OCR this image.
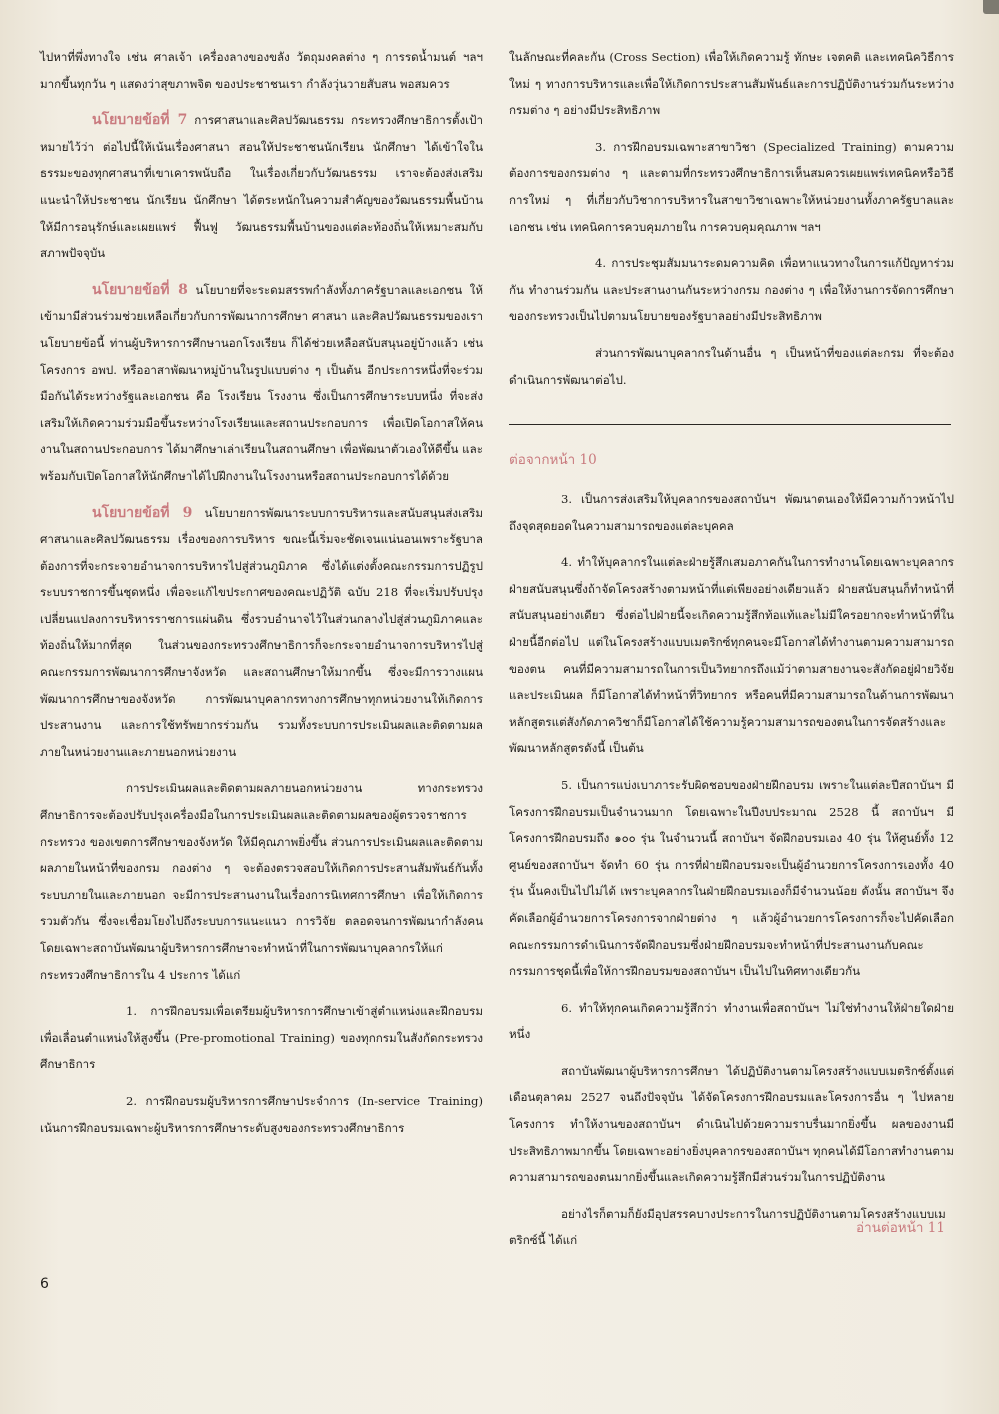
ไปหาที่พึ่งทางใจ เช่น ศาลเจ้า เครื่องลางของขลัง วัตถุมงคลต่าง ๆ การรดน้ำมนต์ ฯลฯ มากขึ้นทุกวัน ๆ แสดงว่าสุขภาพจิต ของประชาชนเรา กำลังวุ่นวายสับสน พอสมควร

นโยบายข้อที่ 7 การศาสนาและศิลปวัฒนธรรม กระทรวงศึกษาธิการตั้งเป้าหมายไว้ว่า ต่อไปนี้ให้เน้นเรื่องศาสนา สอนให้ประชาชนนักเรียน นักศึกษา ได้เข้าใจในธรรมะของทุกศาสนาที่เขาเคารพนับถือ ในเรื่องเกี่ยวกับวัฒนธรรม เราจะต้องส่งเสริมแนะนำให้ประชาชน นักเรียน นักศึกษา ได้ตระหนักในความสำคัญของวัฒนธรรมพื้นบ้าน ให้มีการอนุรักษ์และเผยแพร่ ฟื้นฟู วัฒนธรรมพื้นบ้านของแต่ละท้องถิ่นให้เหมาะสมกับสภาพปัจจุบัน

นโยบายข้อที่ 8 นโยบายที่จะระดมสรรพกำลังทั้งภาครัฐบาลและเอกชน ให้เข้ามามีส่วนร่วมช่วยเหลือเกี่ยวกับการพัฒนาการศึกษา ศาสนา และศิลปวัฒนธรรมของเรา นโยบายข้อนี้ ท่านผู้บริหารการศึกษานอกโรงเรียน ก็ได้ช่วยเหลือสนับสนุนอยู่บ้างแล้ว เช่น โครงการ อพป. หรืออาสาพัฒนาหมู่บ้านในรูปแบบต่าง ๆ เป็นต้น อีกประการหนึ่งที่จะร่วมมือกันได้ระหว่างรัฐและเอกชน คือ โรงเรียน โรงงาน ซึ่งเป็นการศึกษาระบบหนึ่ง ที่จะส่งเสริมให้เกิดความร่วมมือขึ้นระหว่างโรงเรียนและสถานประกอบการ เพื่อเปิดโอกาสให้คนงานในสถานประกอบการ ได้มาศึกษาเล่าเรียนในสถานศึกษา เพื่อพัฒนาตัวเองให้ดีขึ้น และพร้อมกับเปิดโอกาสให้นักศึกษาได้ไปฝึกงานในโรงงานหรือสถานประกอบการได้ด้วย

นโยบายข้อที่ 9 นโยบายการพัฒนาระบบการบริหารและสนับสนุนส่งเสริมศาสนาและศิลปวัฒนธรรม เรื่องของการบริหาร ขณะนี้เริ่มจะชัดเจนแน่นอนเพราะรัฐบาลต้องการที่จะกระจายอำนาจการบริหารไปสู่ส่วนภูมิภาค ซึ่งได้แต่งตั้งคณะกรรมการปฏิรูประบบราชการขึ้นชุดหนึ่ง เพื่อจะแก้ไขประกาศของคณะปฏิวัติ ฉบับ 218 ที่จะเริ่มปรับปรุงเปลี่ยนแปลงการบริหารราชการแผ่นดิน ซึ่งรวบอำนาจไว้ในส่วนกลางไปสู่ส่วนภูมิภาคและท้องถิ่นให้มากที่สุด ในส่วนของกระทรวงศึกษาธิการก็จะกระจายอำนาจการบริหารไปสู่คณะกรรมการพัฒนาการศึกษาจังหวัด และสถานศึกษาให้มากขึ้น ซึ่งจะมีการวางแผนพัฒนาการศึกษาของจังหวัด การพัฒนาบุคลากรทางการศึกษาทุกหน่วยงานให้เกิดการประสานงาน และการใช้ทรัพยากรร่วมกัน รวมทั้งระบบการประเมินผลและติดตามผลภายในหน่วยงานและภายนอกหน่วยงาน

การประเมินผลและติดตามผลภายนอกหน่วยงาน ทางกระทรวงศึกษาธิการจะต้องปรับปรุงเครื่องมือในการประเมินผลและติดตามผลของผู้ตรวจราชการกระทรวง ของเขตการศึกษาของจังหวัด ให้มีคุณภาพยิ่งขึ้น ส่วนการประเมินผลและติดตามผลภายในหน้าที่ของกรม กองต่าง ๆ จะต้องตรวจสอบให้เกิดการประสานสัมพันธ์กันทั้งระบบภายในและภายนอก จะมีการประสานงานในเรื่องการนิเทศการศึกษา เพื่อให้เกิดการรวมตัวกัน ซึ่งจะเชื่อมโยงไปถึงระบบการแนะแนว การวิจัย ตลอดจนการพัฒนากำลังคน โดยเฉพาะสถาบันพัฒนาผู้บริหารการศึกษาจะทำหน้าที่ในการพัฒนาบุคลากรให้แก่กระทรวงศึกษาธิการใน 4 ประการ ได้แก่

1. การฝึกอบรมเพื่อเตรียมผู้บริหารการศึกษาเข้าสู่ตำแหน่งและฝึกอบรมเพื่อเลื่อนตำแหน่งให้สูงขึ้น (Pre-promotional Training) ของทุกกรมในสังกัดกระทรวงศึกษาธิการ

2. การฝึกอบรมผู้บริหารการศึกษาประจำการ (In-service Training) เน้นการฝึกอบรมเฉพาะผู้บริหารการศึกษาระดับสูงของกระทรวงศึกษาธิการ

ในลักษณะที่คละกัน (Cross Section) เพื่อให้เกิดความรู้ ทักษะ เจตคติ และเทคนิควิธีการใหม่ ๆ ทางการบริหารและเพื่อให้เกิดการประสานสัมพันธ์และการปฏิบัติงานร่วมกันระหว่างกรมต่าง ๆ อย่างมีประสิทธิภาพ

3. การฝึกอบรมเฉพาะสาขาวิชา (Specialized Training) ตามความต้องการของกรมต่าง ๆ และตามที่กระทรวงศึกษาธิการเห็นสมควรเผยแพร่เทคนิคหรือวิธีการใหม่ ๆ ที่เกี่ยวกับวิชาการบริหารในสาขาวิชาเฉพาะให้หน่วยงานทั้งภาครัฐบาลและเอกชน เช่น เทคนิคการควบคุมภายใน การควบคุมคุณภาพ ฯลฯ

4. การประชุมสัมมนาระดมความคิด เพื่อหาแนวทางในการแก้ปัญหาร่วมกัน ทำงานร่วมกัน และประสานงานกันระหว่างกรม กองต่าง ๆ เพื่อให้งานการจัดการศึกษาของกระทรวงเป็นไปตามนโยบายของรัฐบาลอย่างมีประสิทธิภาพ

ส่วนการพัฒนาบุคลากรในด้านอื่น ๆ เป็นหน้าที่ของแต่ละกรม ที่จะต้องดำเนินการพัฒนาต่อไป.

ต่อจากหน้า 10

3. เป็นการส่งเสริมให้บุคลากรของสถาบันฯ พัฒนาตนเองให้มีความก้าวหน้าไปถึงจุดสุดยอดในความสามารถของแต่ละบุคคล

4. ทำให้บุคลากรในแต่ละฝ่ายรู้สึกเสมอภาคกันในการทำงานโดยเฉพาะบุคลากรฝ่ายสนับสนุนซึ่งถ้าจัดโครงสร้างตามหน้าที่แต่เพียงอย่างเดียวแล้ว ฝ่ายสนับสนุนก็ทำหน้าที่สนับสนุนอย่างเดียว ซึ่งต่อไปฝ่ายนี้จะเกิดความรู้สึกท้อแท้และไม่มีใครอยากจะทำหน้าที่ในฝ่ายนี้อีกต่อไป แต่ในโครงสร้างแบบเมตริกซ์ทุกคนจะมีโอกาสได้ทำงานตามความสามารถของตน คนที่มีความสามารถในการเป็นวิทยากรถึงแม้ว่าตามสายงานจะสังกัดอยู่ฝ่ายวิจัยและประเมินผล ก็มีโอกาสได้ทำหน้าที่วิทยากร หรือคนที่มีความสามารถในด้านการพัฒนาหลักสูตรแต่สังกัดภาควิชาก็มีโอกาสได้ใช้ความรู้ความสามารถของตนในการจัดสร้างและพัฒนาหลักสูตรดังนี้ เป็นต้น

5. เป็นการแบ่งเบาภาระรับผิดชอบของฝ่ายฝึกอบรม เพราะในแต่ละปีสถาบันฯ มีโครงการฝึกอบรมเป็นจำนวนมาก โดยเฉพาะในปีงบประมาณ 2528 นี้ สถาบันฯ มีโครงการฝึกอบรมถึง ๑๐๐ รุ่น ในจำนวนนี้ สถาบันฯ จัดฝึกอบรมเอง 40 รุ่น ให้ศูนย์ทั้ง 12 ศูนย์ของสถาบันฯ จัดทำ 60 รุ่น การที่ฝ่ายฝึกอบรมจะเป็นผู้อำนวยการโครงการเองทั้ง 40 รุ่น นั้นคงเป็นไปไม่ได้ เพราะบุคลากรในฝ่ายฝึกอบรมเองก็มีจำนวนน้อย ดังนั้น สถาบันฯ จึงคัดเลือกผู้อำนวยการโครงการจากฝ่ายต่าง ๆ แล้วผู้อำนวยการโครงการก็จะไปคัดเลือกคณะกรรมการดำเนินการจัดฝึกอบรมซึ่งฝ่ายฝึกอบรมจะทำหน้าที่ประสานงานกับคณะกรรมการชุดนี้เพื่อให้การฝึกอบรมของสถาบันฯ เป็นไปในทิศทางเดียวกัน

6. ทำให้ทุกคนเกิดความรู้สึกว่า ทำงานเพื่อสถาบันฯ ไม่ใช่ทำงานให้ฝ่ายใดฝ่ายหนึ่ง

สถาบันพัฒนาผู้บริหารการศึกษา ได้ปฏิบัติงานตามโครงสร้างแบบเมตริกซ์ตั้งแต่เดือนตุลาคม 2527 จนถึงปัจจุบัน ได้จัดโครงการฝึกอบรมและโครงการอื่น ๆ ไปหลายโครงการ ทำให้งานของสถาบันฯ ดำเนินไปด้วยความราบรื่นมากยิ่งขึ้น ผลของงานมีประสิทธิภาพมากขึ้น โดยเฉพาะอย่างยิ่งบุคลากรของสถาบันฯ ทุกคนได้มีโอกาสทำงานตามความสามารถของตนมากยิ่งขึ้นและเกิดความรู้สึกมีส่วนร่วมในการปฏิบัติงาน

อย่างไรก็ตามก็ยังมีอุปสรรคบางประการในการปฏิบัติงานตามโครงสร้างแบบเมตริกซ์นี้ ได้แก่

อ่านต่อหน้า 11
6
